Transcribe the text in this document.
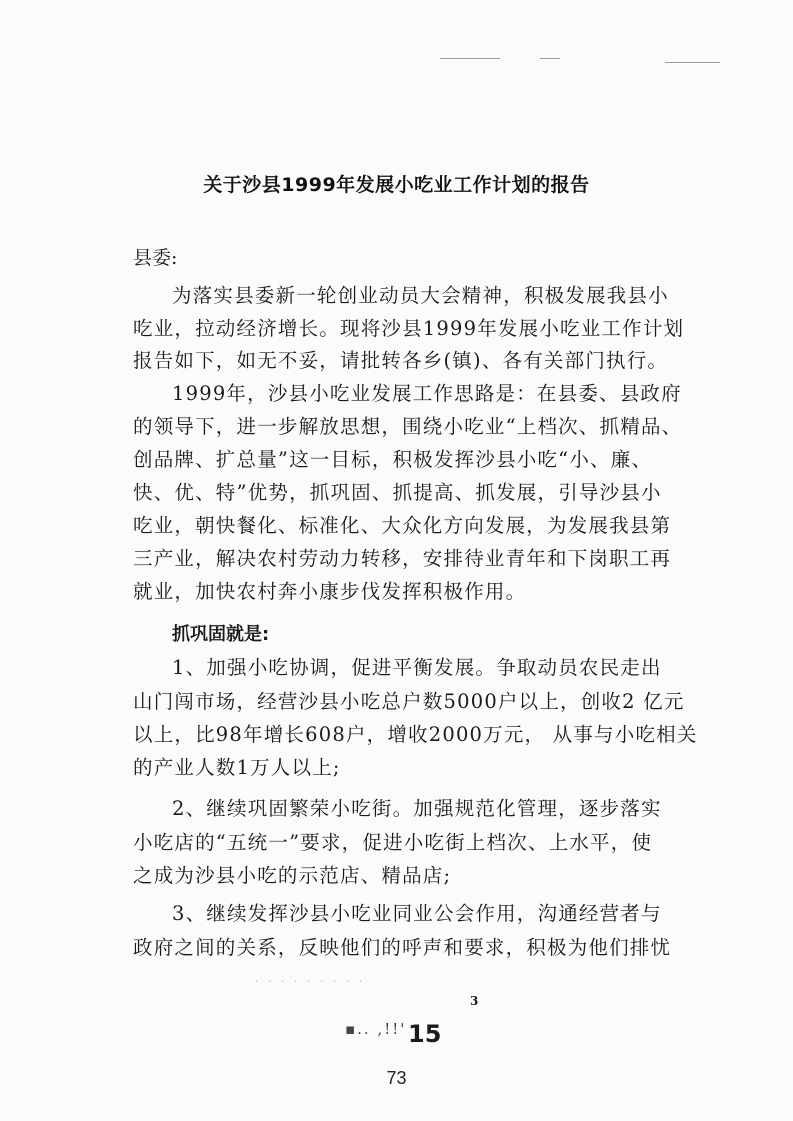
关于沙县1999年发展小吃业工作计划的报告
县委:
为落实县委新一轮创业动员大会精神，积极发展我县小
吃业，拉动经济增长。现将沙县1999年发展小吃业工作计划
报告如下，如无不妥，请批转各乡(镇)、各有关部门执行。
1999年，沙县小吃业发展工作思路是：在县委、县政府
的领导下，进一步解放思想，围绕小吃业“上档次、抓精品、
创品牌、扩总量”这一目标，积极发挥沙县小吃“小、廉、
快、优、特”优势，抓巩固、抓提高、抓发展，引导沙县小
吃业，朝快餐化、标准化、大众化方向发展，为发展我县第
三产业，解决农村劳动力转移，安排待业青年和下岗职工再
就业，加快农村奔小康步伐发挥积极作用。
抓巩固就是:
1、加强小吃协调，促进平衡发展。争取动员农民走出
山门闯市场，经营沙县小吃总户数5000户以上，创收2 亿元
以上，比98年增长608户，增收2000万元， 从事与小吃相关
的产业人数1万人以上;
2、继续巩固繁荣小吃街。加强规范化管理，逐步落实
小吃店的“五统一”要求，促进小吃街上档次、上水平，使
之成为沙县小吃的示范店、精品店;
3、继续发挥沙县小吃业同业公会作用，沟通经营者与
政府之间的关系，反映他们的呼声和要求，积极为他们排忧
· · · · · · · · ·
3
▪.. ,!!' 15
73
